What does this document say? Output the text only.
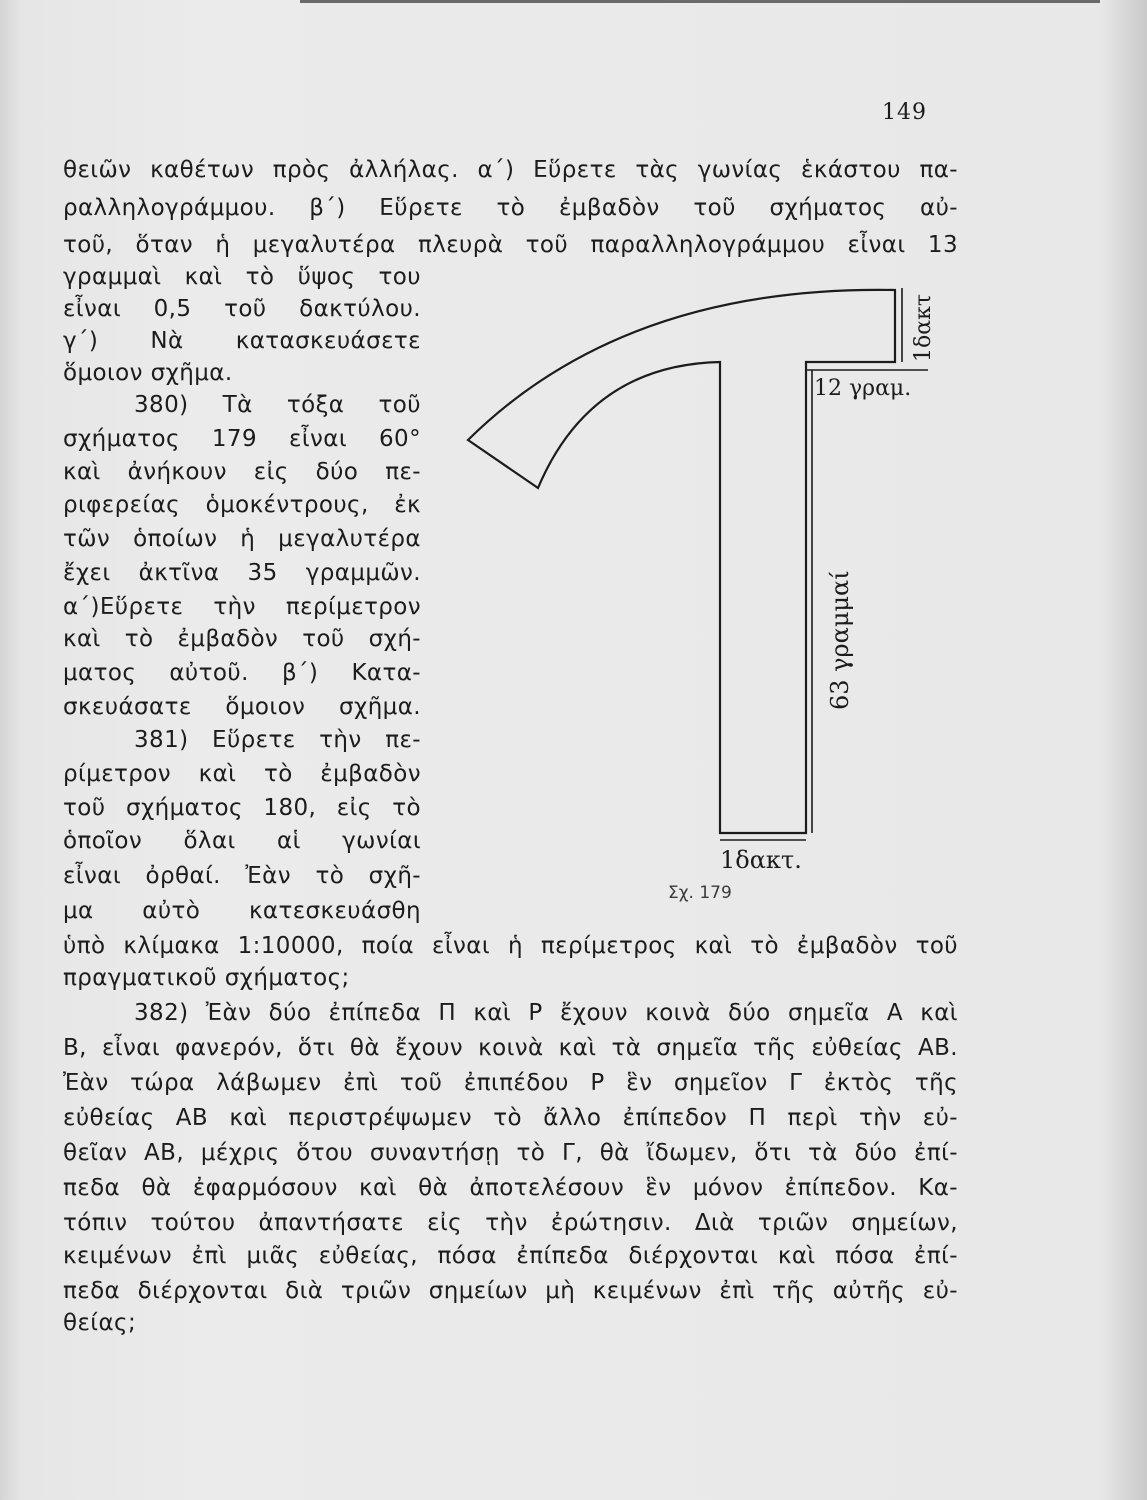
149
θειῶν καθέτων πρὸς ἀλλήλας. α΄) Εὕρετε τὰς γωνίας ἑκάστου πα-
ραλληλογράμμου. β΄) Εὕρετε τὸ ἐμβαδὸν τοῦ σχήματος αὐ-
τοῦ, ὅταν ἡ μεγαλυτέρα πλευρὰ τοῦ παραλληλογράμμου εἶναι 13
γραμμαὶ καὶ τὸ ὕψος του
εἶναι 0,5 τοῦ δακτύλου.
γ΄) Νὰ κατασκευάσετε
ὅμοιον σχῆμα.
380) Τὰ τόξα τοῦ
σχήματος 179 εἶναι 60°
καὶ ἀνήκουν εἰς δύο πε-
ριφερείας ὁμοκέντρους, ἐκ
τῶν ὁποίων ἡ μεγαλυτέρα
ἔχει ἀκτῖνα 35 γραμμῶν.
α΄)Εὕρετε τὴν περίμετρον
καὶ τὸ ἐμβαδὸν τοῦ σχή-
ματος αὐτοῦ. β΄) Κατα-
σκευάσατε ὅμοιον σχῆμα.
381) Εὕρετε τὴν πε-
ρίμετρον καὶ τὸ ἐμβαδὸν
τοῦ σχήματος 180, εἰς τὸ
ὁποῖον ὅλαι αἱ γωνίαι
εἶναι ὀρθαί. Ἐὰν τὸ σχῆ-
μα αὐτὸ κατεσκευάσθη
ὑπὸ κλίμακα 1:10000, ποία εἶναι ἡ περίμετρος καὶ τὸ ἐμβαδὸν τοῦ
πραγματικοῦ σχήματος;
382) Ἐὰν δύο ἐπίπεδα Π καὶ Ρ ἔχουν κοινὰ δύο σημεῖα Α καὶ
Β, εἶναι φανερόν, ὅτι θὰ ἔχουν κοινὰ καὶ τὰ σημεῖα τῆς εὐθείας ΑΒ.
Ἐὰν τώρα λάβωμεν ἐπὶ τοῦ ἐπιπέδου Ρ ἓν σημεῖον Γ ἐκτὸς τῆς
εὐθείας ΑΒ καὶ περιστρέψωμεν τὸ ἄλλο ἐπίπεδον Π περὶ τὴν εὐ-
θεῖαν ΑΒ, μέχρις ὅτου συναντήσῃ τὸ Γ, θὰ ἴδωμεν, ὅτι τὰ δύο ἐπί-
πεδα θὰ ἐφαρμόσουν καὶ θὰ ἀποτελέσουν ἓν μόνον ἐπίπεδον. Κα-
τόπιν τούτου ἀπαντήσατε εἰς τὴν ἐρώτησιν. Διὰ τριῶν σημείων,
κειμένων ἐπὶ μιᾶς εὐθείας, πόσα ἐπίπεδα διέρχονται καὶ πόσα ἐπί-
πεδα διέρχονται διὰ τριῶν σημείων μὴ κειμένων ἐπὶ τῆς αὐτῆς εὐ-
θείας;
1δακτ
12 γραμ.
63 γραμμαί
1δακτ.
Σχ. 179
